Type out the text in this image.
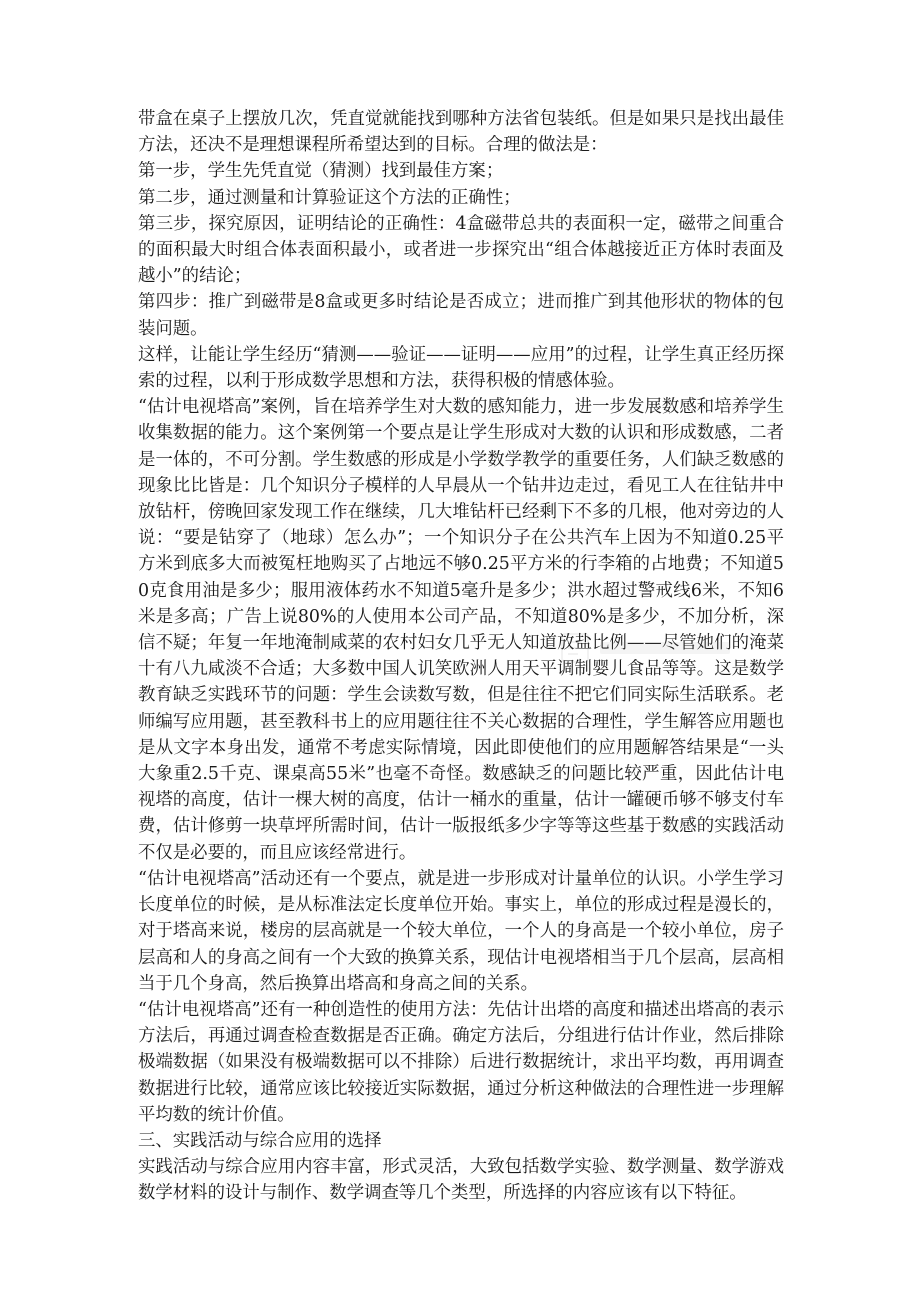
带盒在桌子上摆放几次，凭直觉就能找到哪种方法省包装纸。但是如果只是找出最佳方法，还决不是理想课程所希望达到的目标。合理的做法是：

第一步，学生先凭直觉（猜测）找到最佳方案；

第二步，通过测量和计算验证这个方法的正确性；

第三步，探究原因，证明结论的正确性：4盒磁带总共的表面积一定，磁带之间重合的面积最大时组合体表面积最小，或者进一步探究出“组合体越接近正方体时表面及越小”的结论；

第四步：推广到磁带是8盒或更多时结论是否成立；进而推广到其他形状的物体的包装问题。

这样，让能让学生经历“猜测——验证——证明——应用”的过程，让学生真正经历探索的过程，以利于形成数学思想和方法，获得积极的情感体验。

“估计电视塔高”案例，旨在培养学生对大数的感知能力，进一步发展数感和培养学生收集数据的能力。这个案例第一个要点是让学生形成对大数的认识和形成数感，二者是一体的，不可分割。学生数感的形成是小学数学教学的重要任务，人们缺乏数感的现象比比皆是：几个知识分子模样的人早晨从一个钻井边走过，看见工人在往钻井中放钻杆，傍晚回家发现工作在继续，几大堆钻杆已经剩下不多的几根，他对旁边的人说：“要是钻穿了（地球）怎么办”；一个知识分子在公共汽车上因为不知道0.25平方米到底多大而被冤枉地购买了占地远不够0.25平方米的行李箱的占地费；不知道50克食用油是多少；服用液体药水不知道5毫升是多少；洪水超过警戒线6米，不知6米是多高；广告上说80%的人使用本公司产品，不知道80%是多少，不加分析，深信不疑；年复一年地淹制咸菜的农村妇女几乎无人知道放盐比例——尽管她们的淹菜十有八九咸淡不合适；大多数中国人讥笑欧洲人用天平调制婴儿食品等等。这是数学教育缺乏实践环节的问题：学生会读数写数，但是往往不把它们同实际生活联系。老师编写应用题，甚至教科书上的应用题往往不关心数据的合理性，学生解答应用题也是从文字本身出发，通常不考虑实际情境，因此即使他们的应用题解答结果是“一头大象重2.5千克、课桌高55米”也毫不奇怪。数感缺乏的问题比较严重，因此估计电视塔的高度，估计一棵大树的高度，估计一桶水的重量，估计一罐硬币够不够支付车费，估计修剪一块草坪所需时间，估计一版报纸多少字等等这些基于数感的实践活动不仅是必要的，而且应该经常进行。

“估计电视塔高”活动还有一个要点，就是进一步形成对计量单位的认识。小学生学习长度单位的时候，是从标准法定长度单位开始。事实上，单位的形成过程是漫长的，对于塔高来说，楼房的层高就是一个较大单位，一个人的身高是一个较小单位，房子层高和人的身高之间有一个大致的换算关系，现估计电视塔相当于几个层高，层高相当于几个身高，然后换算出塔高和身高之间的关系。

“估计电视塔高”还有一种创造性的使用方法：先估计出塔的高度和描述出塔高的表示方法后，再通过调查检查数据是否正确。确定方法后，分组进行估计作业，然后排除极端数据（如果没有极端数据可以不排除）后进行数据统计，求出平均数，再用调查数据进行比较，通常应该比较接近实际数据，通过分析这种做法的合理性进一步理解平均数的统计价值。

三、实践活动与综合应用的选择

实践活动与综合应用内容丰富，形式灵活，大致包括数学实验、数学测量、数学游戏数学材料的设计与制作、数学调查等几个类型，所选择的内容应该有以下特征。
